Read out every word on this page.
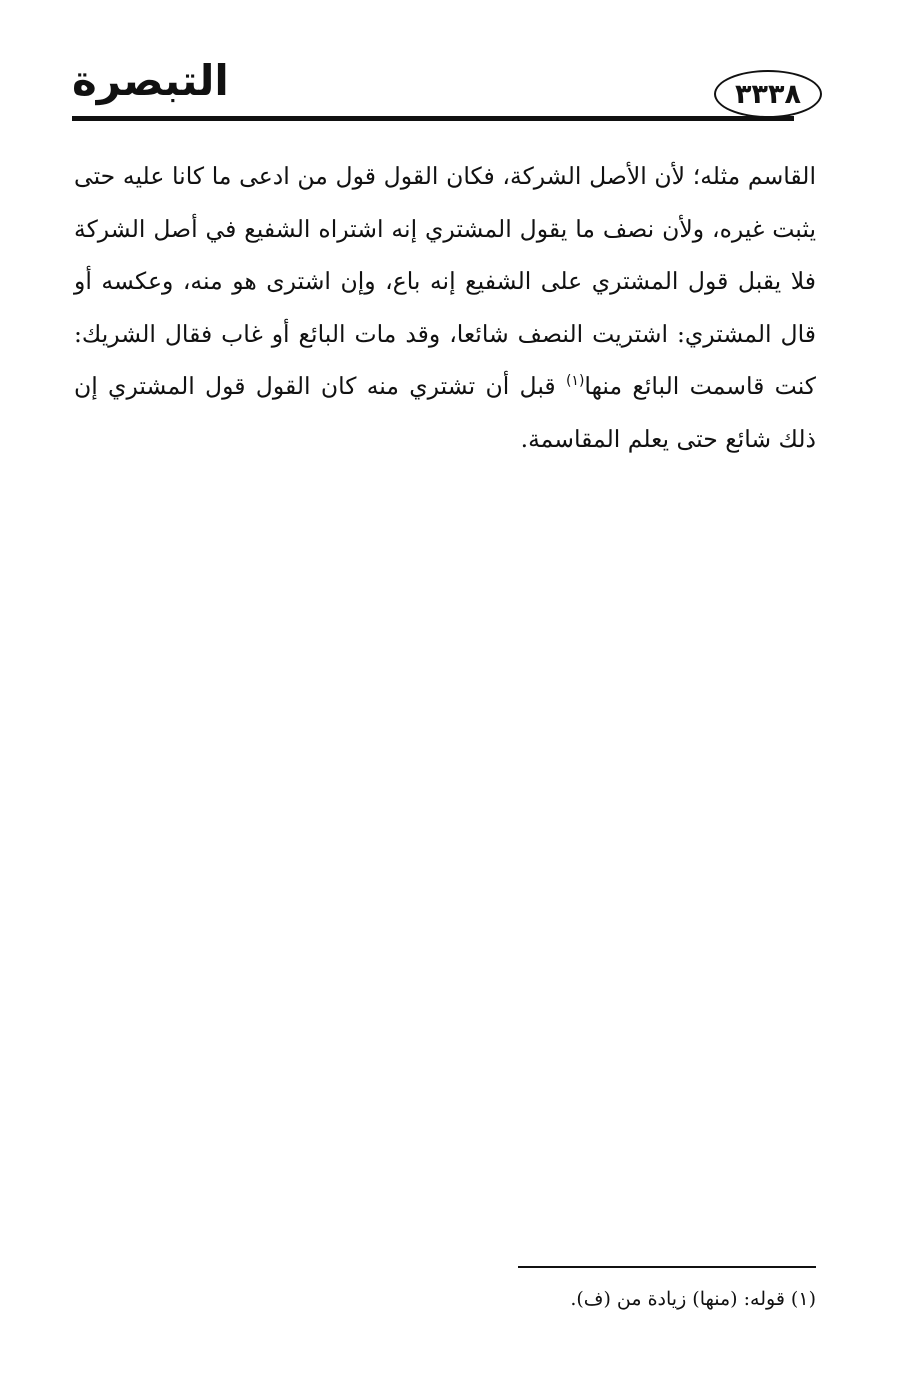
٣٣٣٨
التبصرة

القاسم مثله؛ لأن الأصل الشركة، فكان القول قول من ادعى ما كانا عليه حتى يثبت غيره، ولأن نصف ما يقول المشتري إنه اشتراه الشفيع في أصل الشركة فلا يقبل قول المشتري على الشفيع إنه باع، وإن اشترى هو منه، وعكسه أو قال المشتري: اشتريت النصف شائعا، وقد مات البائع أو غاب فقال الشريك: كنت قاسمت البائع منها$^{(١)}$ قبل أن تشتري منه كان القول قول المشتري إن ذلك شائع حتى يعلم المقاسمة.

(١) قوله: (منها) زيادة من (ف).
